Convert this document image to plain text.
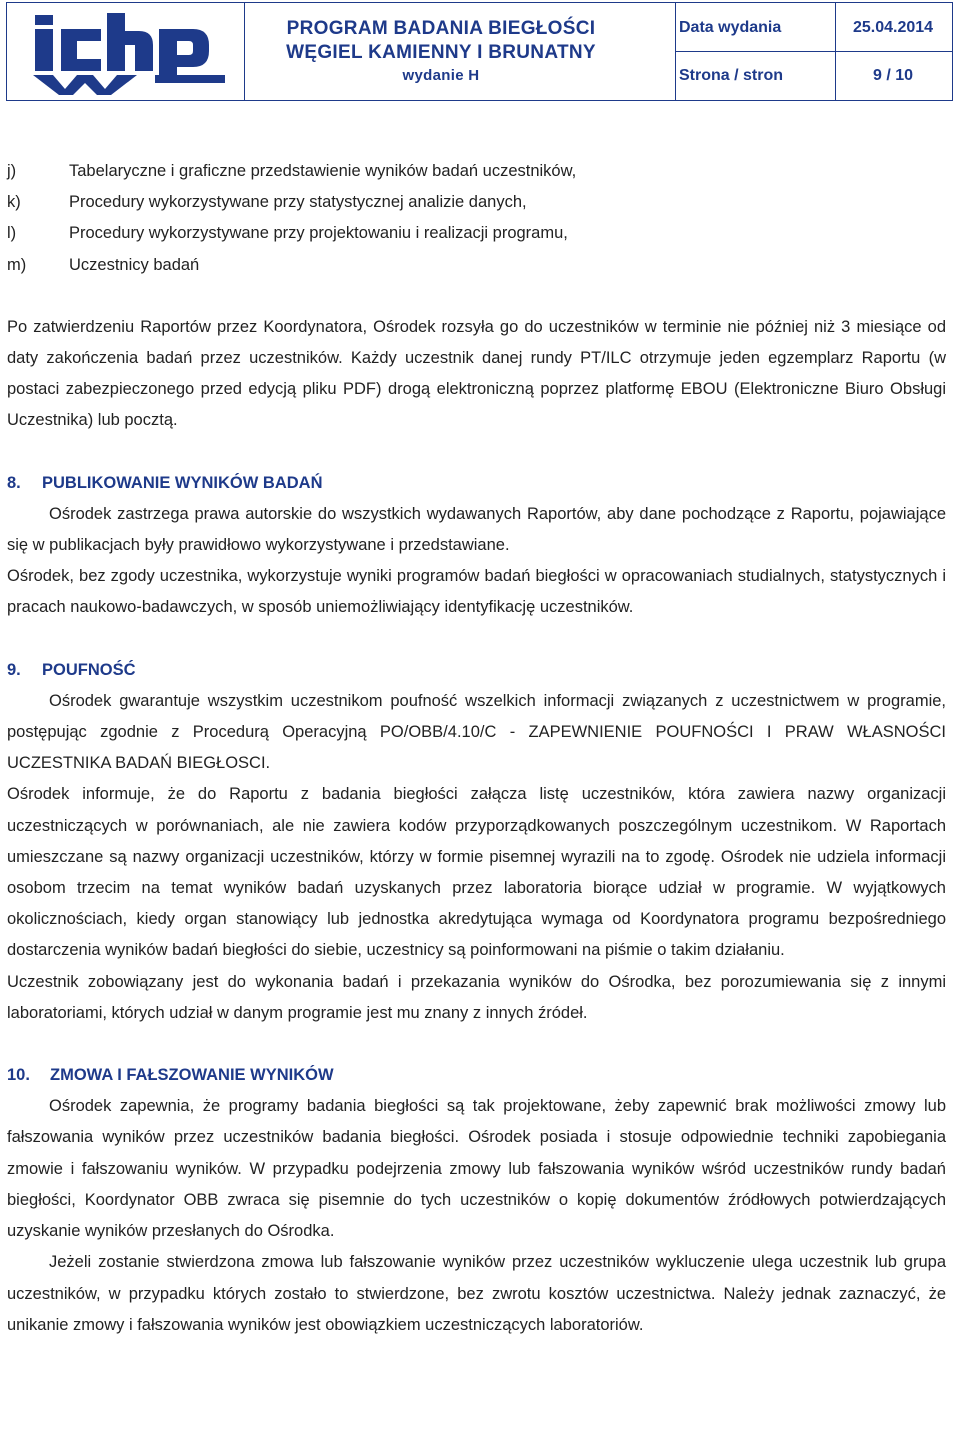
PROGRAM BADANIA BIEGŁOŚCI
WĘGIEL KAMIENNY I BRUNATNY
wydanie H
Data wydania	25.04.2014
Strona / stron	9 / 10
j)	Tabelaryczne i graficzne przedstawienie wyników badań uczestników,
k)	Procedury wykorzystywane przy statystycznej analizie danych,
l)	Procedury wykorzystywane przy projektowaniu i realizacji programu,
m)	Uczestnicy badań

Po zatwierdzeniu Raportów przez Koordynatora, Ośrodek rozsyła go do uczestników w terminie nie później niż 3 miesiące od daty zakończenia badań przez uczestników. Każdy uczestnik danej rundy PT/ILC otrzymuje jeden egzemplarz Raportu (w postaci zabezpieczonego przed edycją pliku PDF) drogą elektroniczną poprzez platformę EBOU (Elektroniczne Biuro Obsługi Uczestnika) lub pocztą.

8.	PUBLIKOWANIE WYNIKÓW BADAŃ

Ośrodek zastrzega prawa autorskie do wszystkich wydawanych Raportów, aby dane pochodzące z Raportu, pojawiające się w publikacjach były prawidłowo wykorzystywane i przedstawiane.

Ośrodek, bez zgody uczestnika, wykorzystuje wyniki programów badań biegłości w opracowaniach studialnych, statystycznych i pracach naukowo-badawczych, w sposób uniemożliwiający identyfikację uczestników.

9.	POUFNOŚĆ

Ośrodek gwarantuje wszystkim uczestnikom poufność wszelkich informacji związanych z uczestnictwem w programie, postępując zgodnie z Procedurą Operacyjną PO/OBB/4.10/C - ZAPEWNIENIE POUFNOŚCI I PRAW WŁASNOŚCI UCZESTNIKA BADAŃ BIEGŁOSCI.

Ośrodek informuje, że do Raportu z badania biegłości załącza listę uczestników, która zawiera nazwy organizacji uczestniczących w porównaniach, ale nie zawiera kodów przyporządkowanych poszczególnym uczestnikom. W Raportach umieszczane są nazwy organizacji uczestników, którzy w formie pisemnej wyrazili na to zgodę. Ośrodek nie udziela informacji osobom trzecim na temat wyników badań uzyskanych przez laboratoria biorące udział w programie. W wyjątkowych okolicznościach, kiedy organ stanowiący lub jednostka akredytująca wymaga od Koordynatora programu bezpośredniego dostarczenia wyników badań biegłości do siebie, uczestnicy są poinformowani na piśmie o takim działaniu.

Uczestnik zobowiązany jest do wykonania badań i przekazania wyników do Ośrodka, bez porozumiewania się z innymi laboratoriami, których udział w danym programie jest mu znany z innych źródeł.

10.	ZMOWA I FAŁSZOWANIE WYNIKÓW

Ośrodek zapewnia, że programy badania biegłości są tak projektowane, żeby zapewnić brak możliwości zmowy lub fałszowania wyników przez uczestników badania biegłości. Ośrodek posiada i stosuje odpowiednie techniki zapobiegania zmowie i fałszowaniu wyników. W przypadku podejrzenia zmowy lub fałszowania wyników wśród uczestników rundy badań biegłości, Koordynator OBB zwraca się pisemnie do tych uczestników o kopię dokumentów źródłowych potwierdzających uzyskanie wyników przesłanych do Ośrodka.

Jeżeli zostanie stwierdzona zmowa lub fałszowanie wyników przez uczestników wykluczenie ulega uczestnik lub grupa uczestników, w przypadku których zostało to stwierdzone, bez zwrotu kosztów uczestnictwa. Należy jednak zaznaczyć, że unikanie zmowy i fałszowania wyników jest obowiązkiem uczestniczących laboratoriów.
